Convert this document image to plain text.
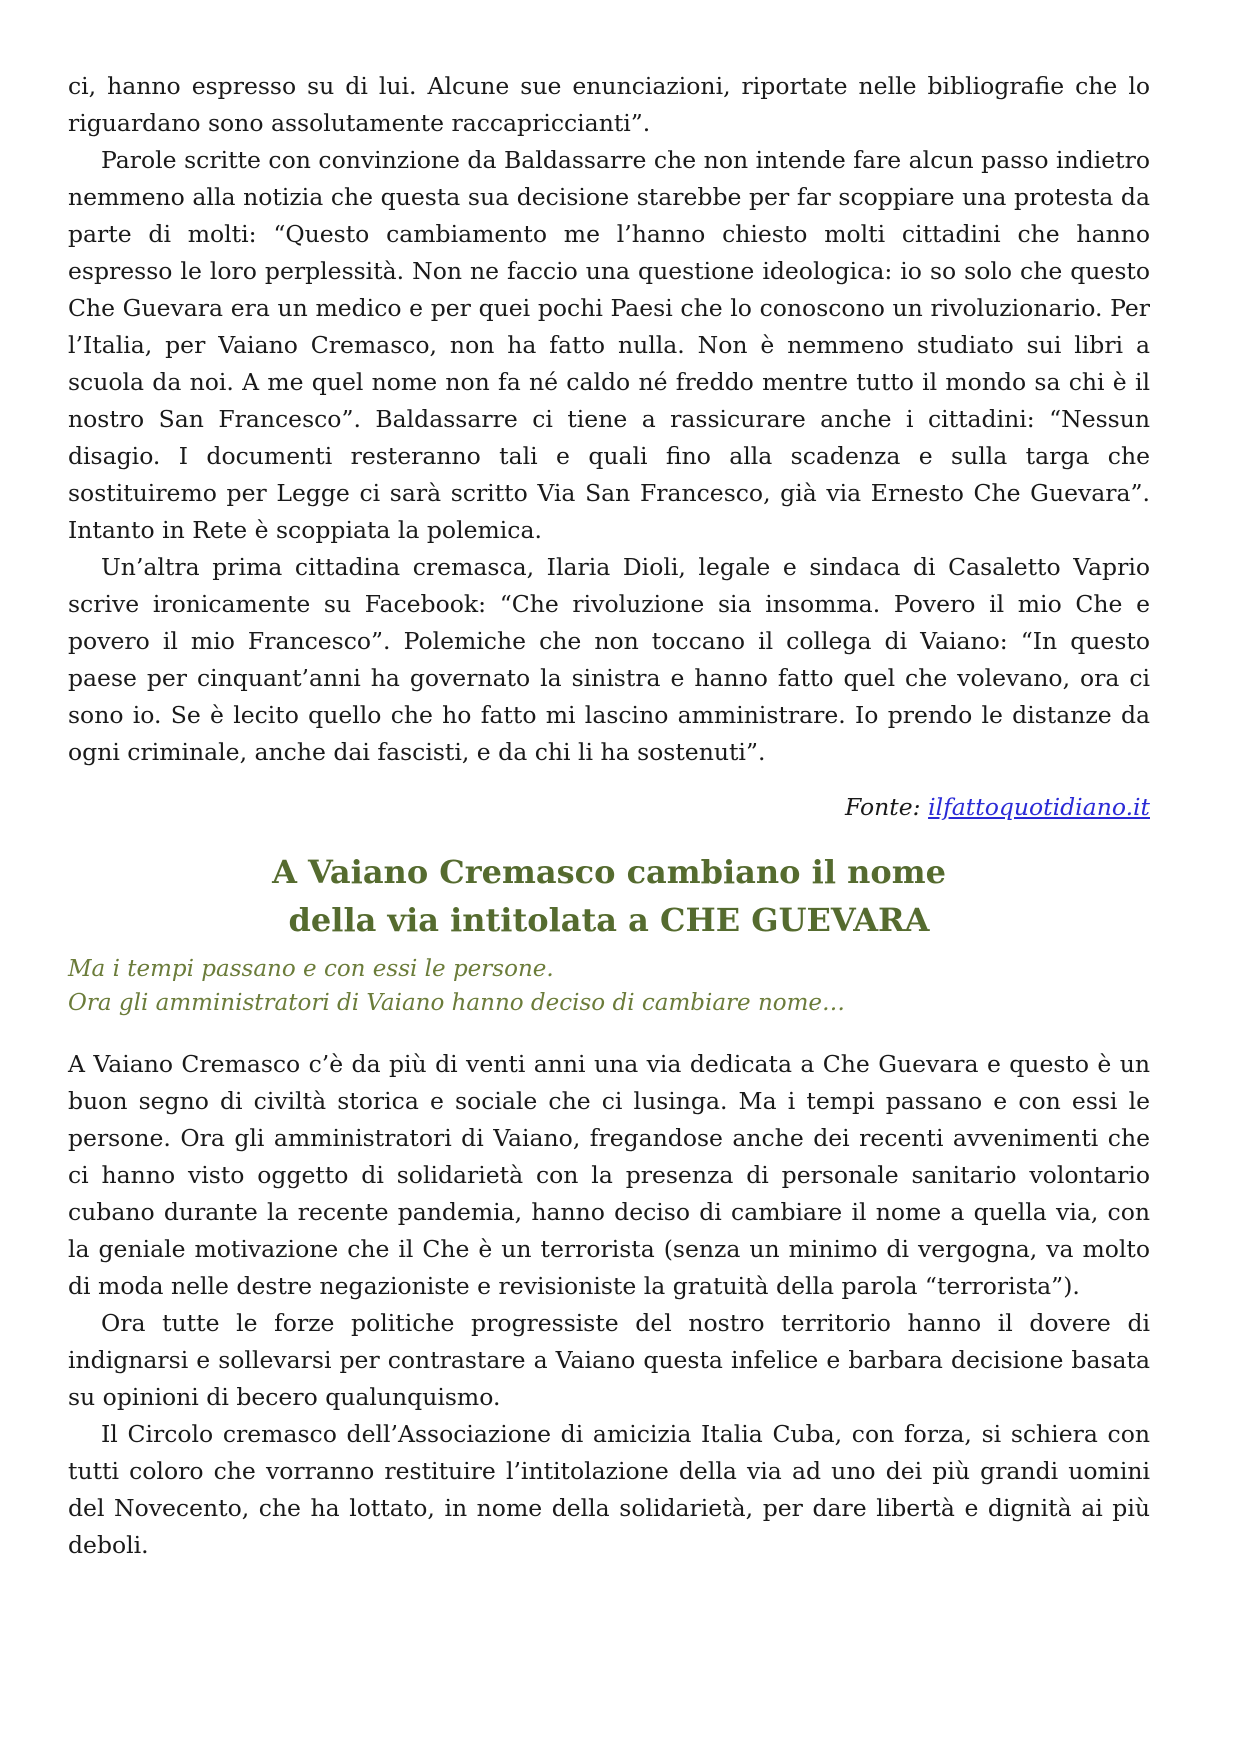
ci, hanno espresso su di lui. Alcune sue enunciazioni, riportate nelle bibliografie che lo riguardano sono assolutamente raccapriccianti”.

Parole scritte con convinzione da Baldassarre che non intende fare alcun passo indietro nemmeno alla notizia che questa sua decisione starebbe per far scoppiare una protesta da parte di molti: “Questo cambiamento me l’hanno chiesto molti cittadini che hanno espresso le loro perplessità. Non ne faccio una questione ideologica: io so solo che questo Che Guevara era un medico e per quei pochi Paesi che lo conoscono un rivoluzionario. Per l’Italia, per Vaiano Cremasco, non ha fatto nulla. Non è nemmeno studiato sui libri a scuola da noi. A me quel nome non fa né caldo né freddo mentre tutto il mondo sa chi è il nostro San Francesco”. Baldassarre ci tiene a rassicurare anche i cittadini: “Nessun disagio. I documenti resteranno tali e quali fino alla scadenza e sulla targa che sostituiremo per Legge ci sarà scritto Via San Francesco, già via Ernesto Che Guevara”. Intanto in Rete è scoppiata la polemica.

Un’altra prima cittadina cremasca, Ilaria Dioli, legale e sindaca di Casaletto Vaprio scrive ironicamente su Facebook: “Che rivoluzione sia insomma. Povero il mio Che e povero il mio Francesco”. Polemiche che non toccano il collega di Vaiano: “In questo paese per cinquant’anni ha governato la sinistra e hanno fatto quel che volevano, ora ci sono io. Se è lecito quello che ho fatto mi lascino amministrare. Io prendo le distanze da ogni criminale, anche dai fascisti, e da chi li ha sostenuti”.

Fonte: ilfattoquotidiano.it

A Vaiano Cremasco cambiano il nome
della via intitolata a CHE GUEVARA
Ma i tempi passano e con essi le persone.
Ora gli amministratori di Vaiano hanno deciso di cambiare nome…

A Vaiano Cremasco c’è da più di venti anni una via dedicata a Che Guevara e questo è un buon segno di civiltà storica e sociale che ci lusinga. Ma i tempi passano e con essi le persone. Ora gli amministratori di Vaiano, fregandose anche dei recenti avvenimenti che ci hanno visto oggetto di solidarietà con la presenza di personale sanitario volontario cubano durante la recente pandemia, hanno deciso di cambiare il nome a quella via, con la geniale motivazione che il Che è un terrorista (senza un minimo di vergogna, va molto di moda nelle destre negazioniste e revisioniste la gratuità della parola “terrorista”).

Ora tutte le forze politiche progressiste del nostro territorio hanno il dovere di indignarsi e sollevarsi per contrastare a Vaiano questa infelice e barbara decisione basata su opinioni di becero qualunquismo.

Il Circolo cremasco dell’Associazione di amicizia Italia Cuba, con forza, si schiera con tutti coloro che vorranno restituire l’intitolazione della via ad uno dei più grandi uomini del Novecento, che ha lottato, in nome della solidarietà, per dare libertà e dignità ai più deboli.
